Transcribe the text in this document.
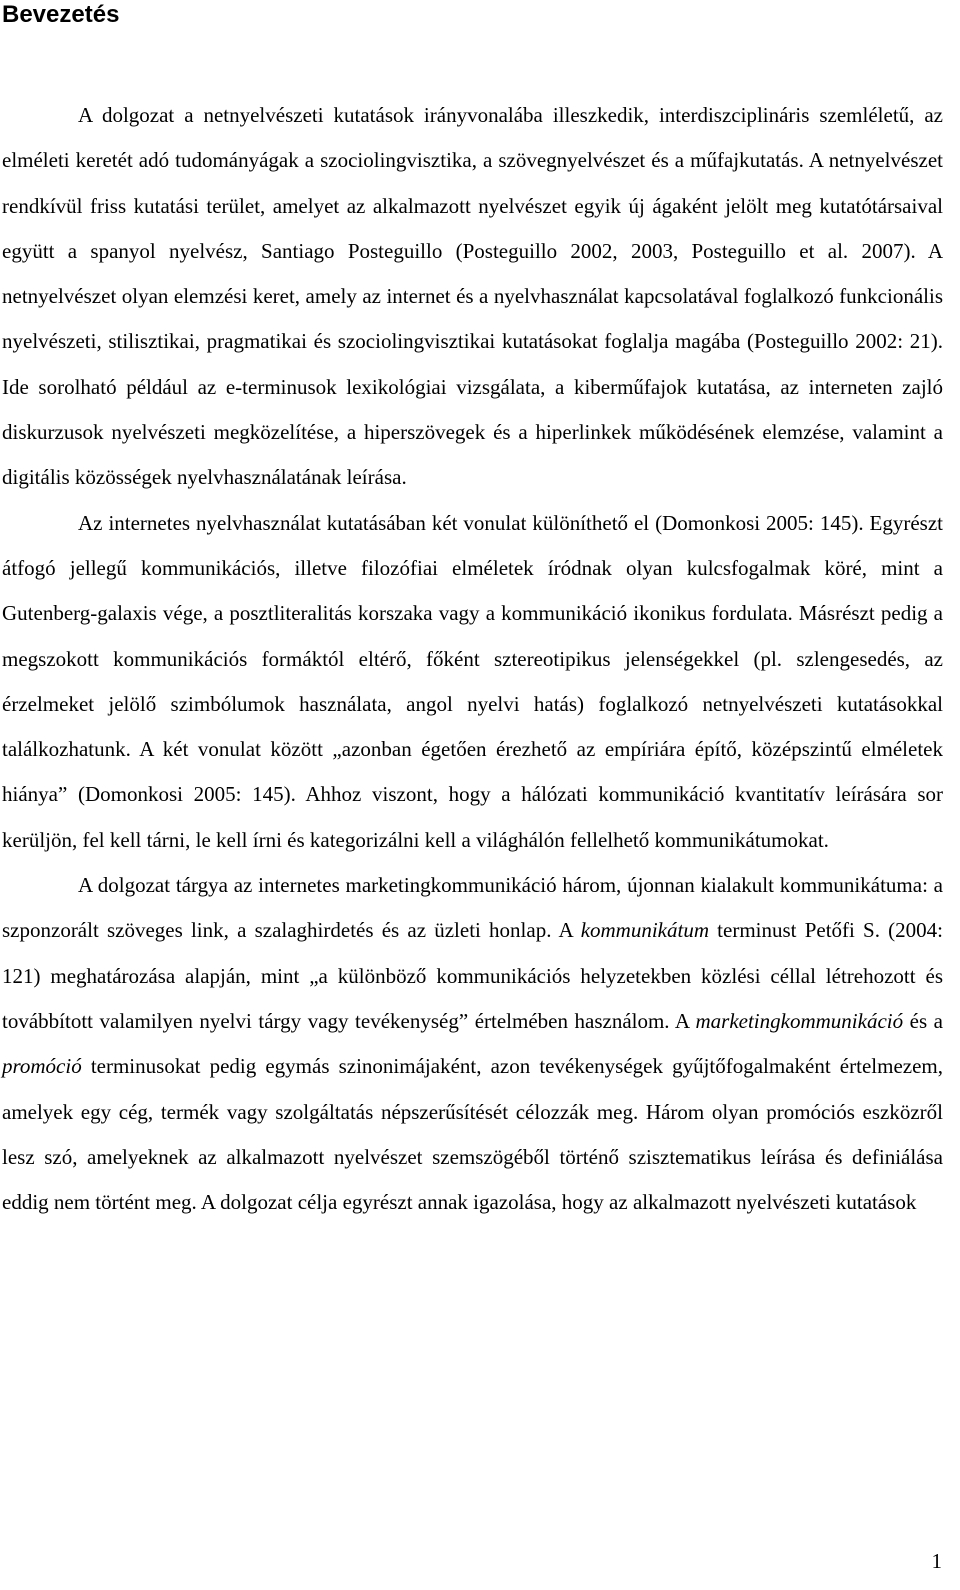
Bevezetés

A dolgozat a netnyelvészeti kutatások irányvonalába illeszkedik, interdiszciplináris szemléletű, az elméleti keretét adó tudományágak a szociolingvisztika, a szövegnyelvészet és a műfajkutatás. A netnyelvészet rendkívül friss kutatási terület, amelyet az alkalmazott nyelvészet egyik új ágaként jelölt meg kutatótársaival együtt a spanyol nyelvész, Santiago Posteguillo (Posteguillo 2002, 2003, Posteguillo et al. 2007). A netnyelvészet olyan elemzési keret, amely az internet és a nyelvhasználat kapcsolatával foglalkozó funkcionális nyelvészeti, stilisztikai, pragmatikai és szociolingvisztikai kutatásokat foglalja magába (Posteguillo 2002: 21). Ide sorolható például az e-terminusok lexikológiai vizsgálata, a kiberműfajok kutatása, az interneten zajló diskurzusok nyelvészeti megközelítése, a hiperszövegek és a hiperlinkek működésének elemzése, valamint a digitális közösségek nyelvhasználatának leírása.

Az internetes nyelvhasználat kutatásában két vonulat különíthető el (Domonkosi 2005: 145). Egyrészt átfogó jellegű kommunikációs, illetve filozófiai elméletek íródnak olyan kulcsfogalmak köré, mint a Gutenberg-galaxis vége, a posztliteralitás korszaka vagy a kommunikáció ikonikus fordulata. Másrészt pedig a megszokott kommunikációs formáktól eltérő, főként sztereotipikus jelenségekkel (pl. szlengesedés, az érzelmeket jelölő szimbólumok használata, angol nyelvi hatás) foglalkozó netnyelvészeti kutatásokkal találkozhatunk. A két vonulat között „azonban égetően érezhető az empíriára építő, középszintű elméletek hiánya” (Domonkosi 2005: 145). Ahhoz viszont, hogy a hálózati kommunikáció kvantitatív leírására sor kerüljön, fel kell tárni, le kell írni és kategorizálni kell a világhálón fellelhető kommunikátumokat.

A dolgozat tárgya az internetes marketingkommunikáció három, újonnan kialakult kommunikátuma: a szponzorált szöveges link, a szalaghirdetés és az üzleti honlap. A kommunikátum terminust Petőfi S. (2004: 121) meghatározása alapján, mint „a különböző kommunikációs helyzetekben közlési céllal létrehozott és továbbított valamilyen nyelvi tárgy vagy tevékenység” értelmében használom. A marketingkommunikáció és a promóció terminusokat pedig egymás szinonimájaként, azon tevékenységek gyűjtőfogalmaként értelmezem, amelyek egy cég, termék vagy szolgáltatás népszerűsítését célozzák meg. Három olyan promóciós eszközről lesz szó, amelyeknek az alkalmazott nyelvészet szemszögéből történő szisztematikus leírása és definiálása eddig nem történt meg. A dolgozat célja egyrészt annak igazolása, hogy az alkalmazott nyelvészeti kutatások

1
